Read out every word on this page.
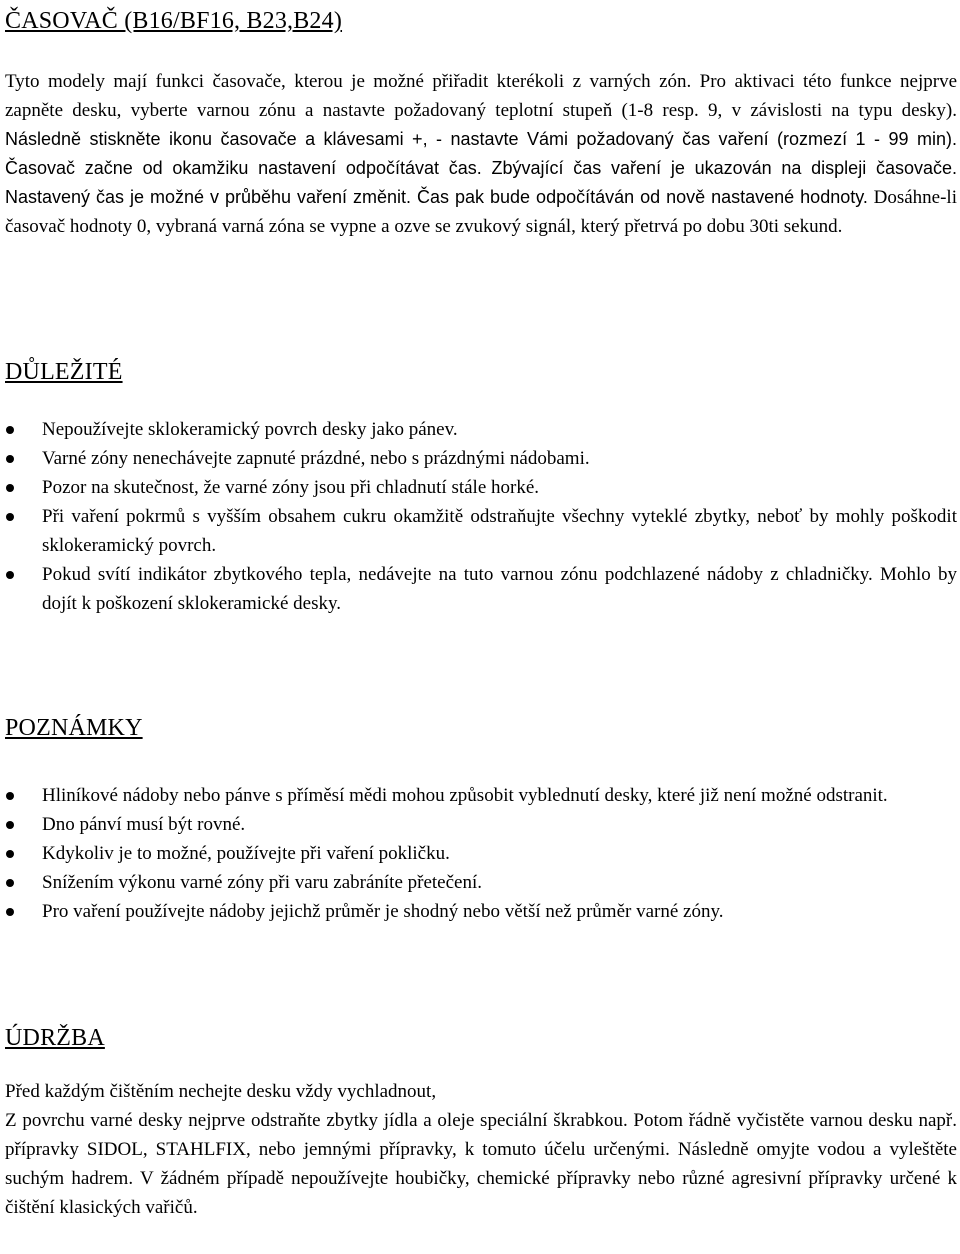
ČASOVAČ (B16/BF16, B23,B24)

Tyto modely mají funkci časovače, kterou je možné přiřadit kterékoli z varných zón. Pro aktivaci této funkce nejprve zapněte desku, vyberte varnou zónu a nastavte požadovaný teplotní stupeň (1-8 resp. 9, v závislosti na typu desky). Následně stiskněte ikonu časovače a klávesami +, - nastavte Vámi požadovaný čas vaření (rozmezí 1 - 99 min). Časovač začne od okamžiku nastavení odpočítávat čas. Zbývající čas vaření je ukazován na displeji časovače. Nastavený čas je možné v průběhu vaření změnit. Čas pak bude odpočítáván od nově nastavené hodnoty. Dosáhne-li časovač hodnoty 0, vybraná varná zóna se vypne a ozve se zvukový signál, který přetrvá po dobu 30ti sekund.

DŮLEŽITÉ
Nepoužívejte sklokeramický povrch desky jako pánev.
Varné zóny nenechávejte zapnuté prázdné, nebo s prázdnými nádobami.
Pozor na skutečnost, že varné zóny jsou při chladnutí stále horké.
Při vaření pokrmů s vyšším obsahem cukru okamžitě odstraňujte všechny vyteklé zbytky, neboť by mohly poškodit sklokeramický povrch.
Pokud svítí indikátor zbytkového tepla, nedávejte na tuto varnou zónu podchlazené nádoby z chladničky. Mohlo by dojít k poškození sklokeramické desky.
POZNÁMKY
Hliníkové nádoby nebo pánve s příměsí mědi mohou způsobit vyblednutí desky, které již není možné odstranit.
Dno pánví musí být rovné.
Kdykoliv je to možné, používejte při vaření pokličku.
Snížením výkonu varné zóny při varu zabráníte přetečení.
Pro vaření používejte nádoby jejichž průměr je shodný nebo větší než průměr varné zóny.
ÚDRŽBA

Před každým čištěním nechejte desku vždy vychladnout,

Z povrchu varné desky nejprve odstraňte zbytky jídla a oleje speciální škrabkou. Potom řádně vyčistěte varnou desku např. přípravky SIDOL, STAHLFIX, nebo jemnými přípravky, k tomuto účelu určenými. Následně omyjte vodou a vyleštěte suchým hadrem. V žádném případě nepoužívejte houbičky, chemické přípravky nebo různé agresivní přípravky určené k čištění klasických vařičů.
